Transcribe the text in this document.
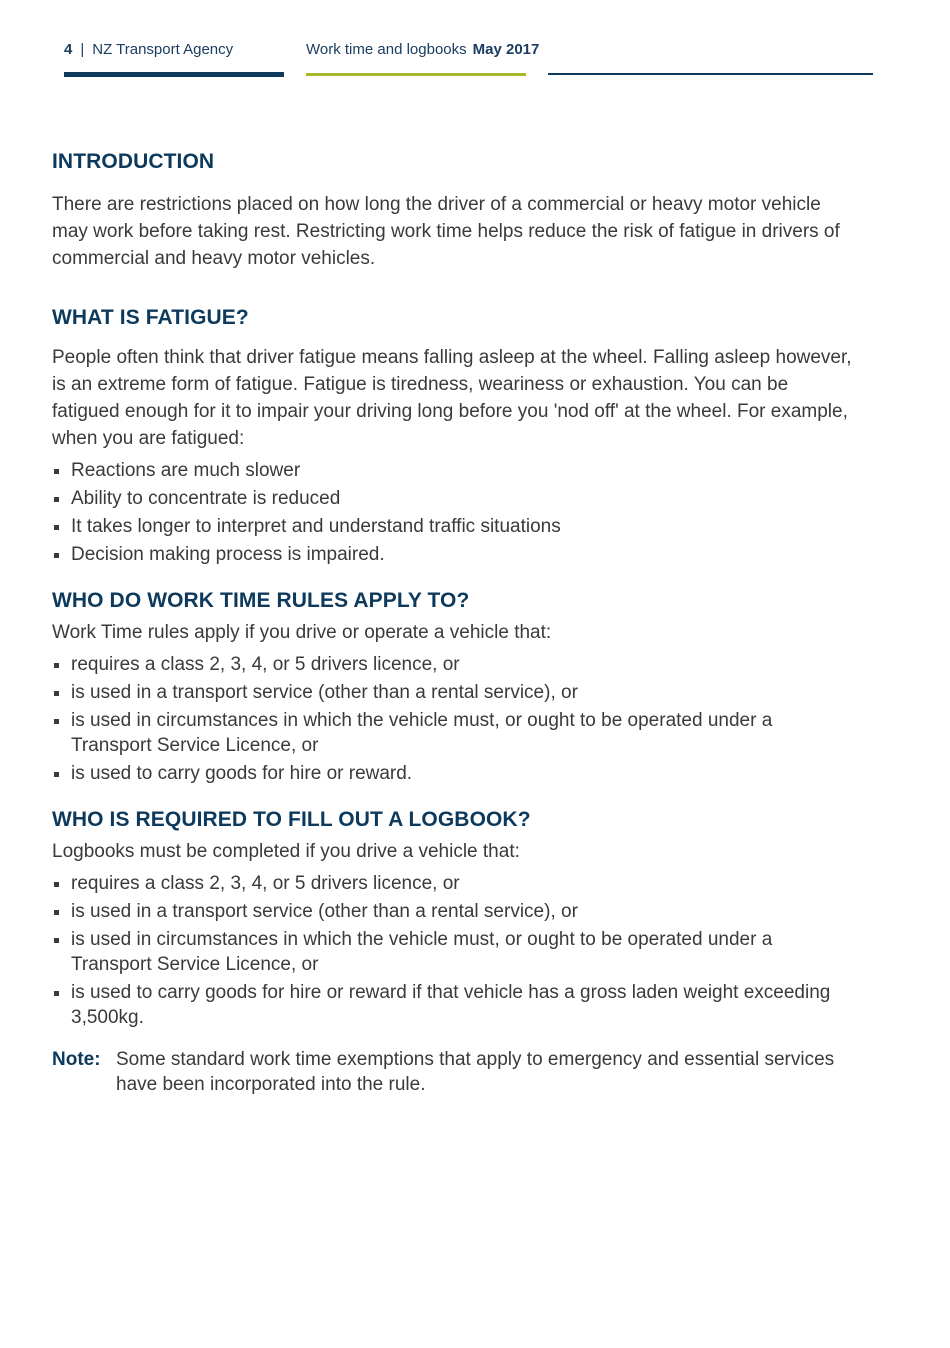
4 | NZ Transport Agency	Work time and logbooks May 2017
INTRODUCTION

There are restrictions placed on how long the driver of a commercial or heavy motor vehicle may work before taking rest. Restricting work time helps reduce the risk of fatigue in drivers of commercial and heavy motor vehicles.

WHAT IS FATIGUE?

People often think that driver fatigue means falling asleep at the wheel. Falling asleep however, is an extreme form of fatigue. Fatigue is tiredness, weariness or exhaustion. You can be fatigued enough for it to impair your driving long before you 'nod off' at the wheel. For example, when you are fatigued:

Reactions are much slower
Ability to concentrate is reduced
It takes longer to interpret and understand traffic situations
Decision making process is impaired.
WHO DO WORK TIME RULES APPLY TO?

Work Time rules apply if you drive or operate a vehicle that:

requires a class 2, 3, 4, or 5 drivers licence, or
is used in a transport service (other than a rental service), or
is used in circumstances in which the vehicle must, or ought to be operated under a Transport Service Licence, or
is used to carry goods for hire or reward.
WHO IS REQUIRED TO FILL OUT A LOGBOOK?

Logbooks must be completed if you drive a vehicle that:

requires a class 2, 3, 4, or 5 drivers licence, or
is used in a transport service (other than a rental service), or
is used in circumstances in which the vehicle must, or ought to be operated under a Transport Service Licence, or
is used to carry goods for hire or reward if that vehicle has a gross laden weight exceeding 3,500kg.
Note: Some standard work time exemptions that apply to emergency and essential services have been incorporated into the rule.
